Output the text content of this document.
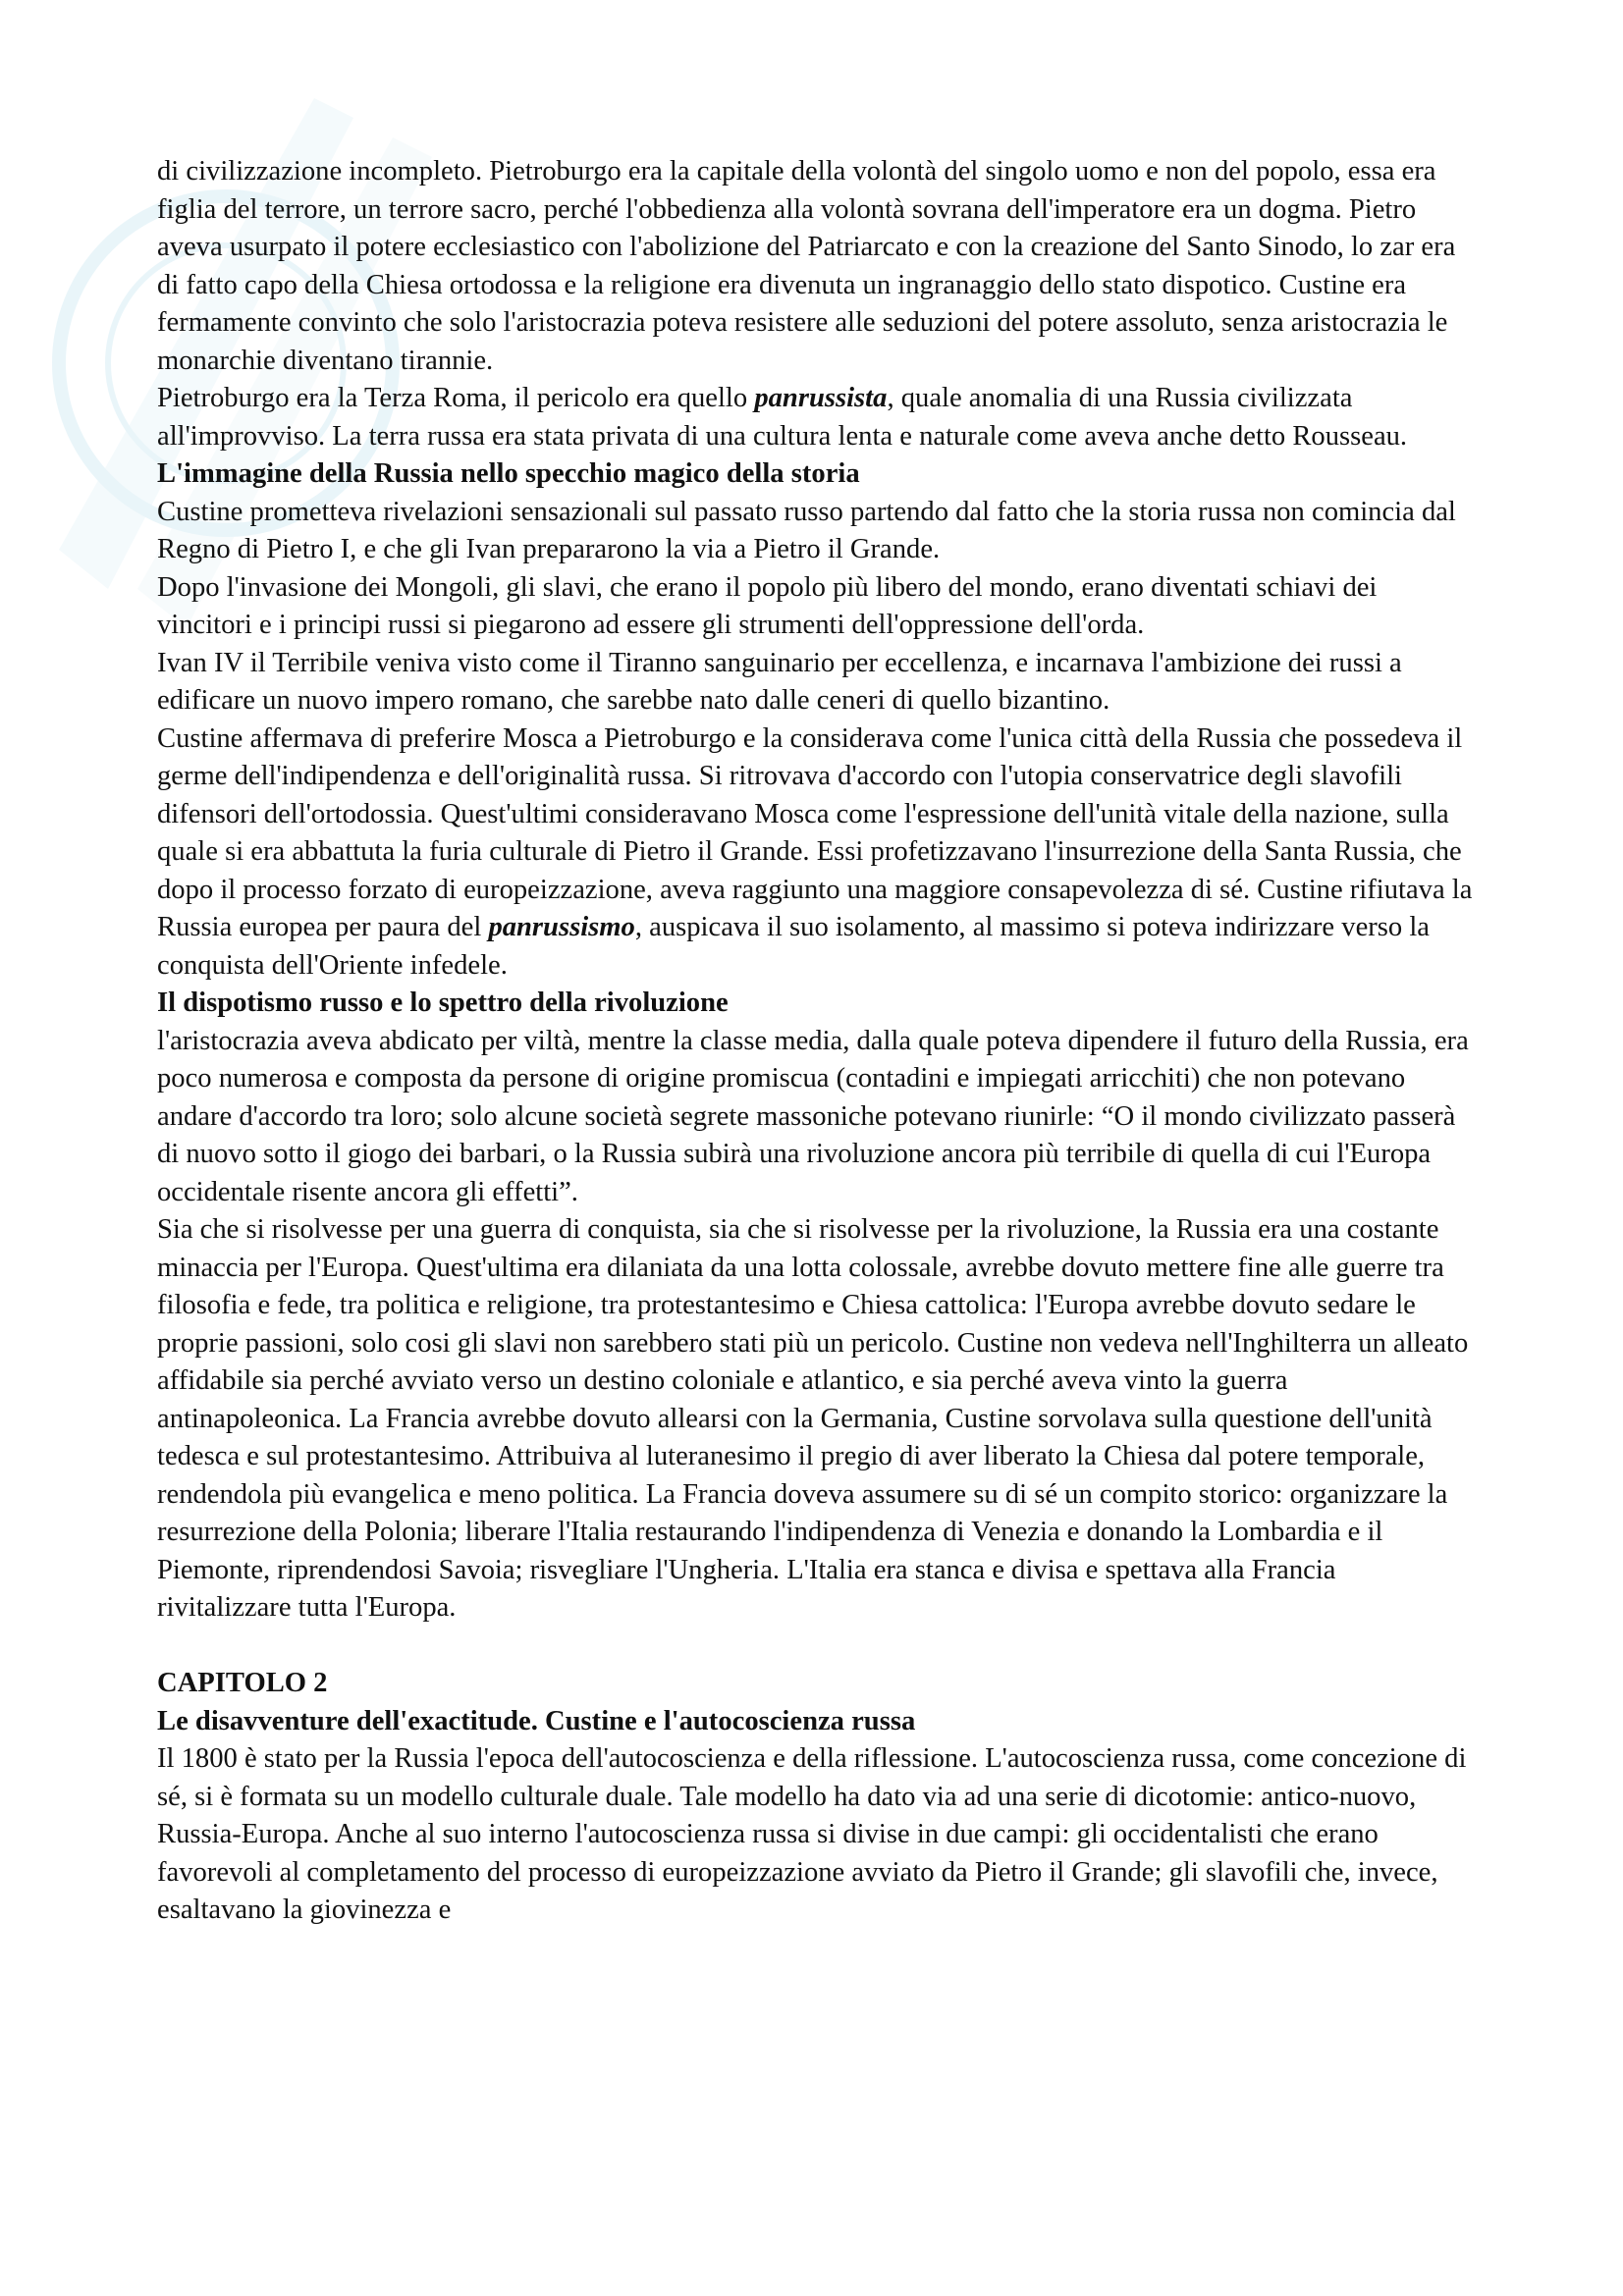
di civilizzazione incompleto. Pietroburgo era la capitale della volontà del singolo uomo e non del popolo, essa era figlia del terrore, un terrore sacro, perché l'obbedienza alla volontà sovrana dell'imperatore era un dogma. Pietro aveva usurpato il potere ecclesiastico con l'abolizione del Patriarcato e con la creazione del Santo Sinodo, lo zar era di fatto capo della Chiesa ortodossa e la religione era divenuta un ingranaggio dello stato dispotico. Custine era fermamente convinto che solo l'aristocrazia poteva resistere alle seduzioni del potere assoluto, senza aristocrazia le monarchie diventano tirannie.

Pietroburgo era la Terza Roma, il pericolo era quello panrussista, quale anomalia di una Russia civilizzata all'improvviso. La terra russa era stata privata di una cultura lenta e naturale come aveva anche detto Rousseau.

L'immagine della Russia nello specchio magico della storia

Custine prometteva rivelazioni sensazionali sul passato russo partendo dal fatto che la storia russa non comincia dal Regno di Pietro I, e che gli Ivan prepararono la via a Pietro il Grande.

Dopo l'invasione dei Mongoli, gli slavi, che erano il popolo più libero del mondo, erano diventati schiavi dei vincitori e i principi russi si piegarono ad essere gli strumenti dell'oppressione dell'orda.

Ivan IV il Terribile veniva visto come il Tiranno sanguinario per eccellenza, e incarnava l'ambizione dei russi a edificare un nuovo impero romano, che sarebbe nato dalle ceneri di quello bizantino.

Custine affermava di preferire Mosca a Pietroburgo e la considerava come l'unica città della Russia che possedeva il germe dell'indipendenza e dell'originalità russa. Si ritrovava d'accordo con l'utopia conservatrice degli slavofili difensori dell'ortodossia. Quest'ultimi consideravano Mosca come l'espressione dell'unità vitale della nazione, sulla quale si era abbattuta la furia culturale di Pietro il Grande. Essi profetizzavano l'insurrezione della Santa Russia, che dopo il processo forzato di europeizzazione, aveva raggiunto una maggiore consapevolezza di sé. Custine rifiutava la Russia europea per paura del panrussismo, auspicava il suo isolamento, al massimo si poteva indirizzare verso la conquista dell'Oriente infedele.

Il dispotismo russo e lo spettro della rivoluzione

l'aristocrazia aveva abdicato per viltà, mentre la classe media, dalla quale poteva dipendere il futuro della Russia, era poco numerosa e composta da persone di origine promiscua (contadini e impiegati arricchiti) che non potevano andare d'accordo tra loro; solo alcune società segrete massoniche potevano riunirle: “O il mondo civilizzato passerà di nuovo sotto il giogo dei barbari, o la Russia subirà una rivoluzione ancora più terribile di quella di cui l'Europa occidentale risente ancora gli effetti”.

Sia che si risolvesse per una guerra di conquista, sia che si risolvesse per la rivoluzione, la Russia era una costante minaccia per l'Europa. Quest'ultima era dilaniata da una lotta colossale, avrebbe dovuto mettere fine alle guerre tra filosofia e fede, tra politica e religione, tra protestantesimo e Chiesa cattolica: l'Europa avrebbe dovuto sedare le proprie passioni, solo cosi gli slavi non sarebbero stati più un pericolo. Custine non vedeva nell'Inghilterra un alleato affidabile sia perché avviato verso un destino coloniale e atlantico, e sia perché aveva vinto la guerra antinapoleonica. La Francia avrebbe dovuto allearsi con la Germania, Custine sorvolava sulla questione dell'unità tedesca e sul protestantesimo. Attribuiva al luteranesimo il pregio di aver liberato la Chiesa dal potere temporale, rendendola più evangelica e meno politica. La Francia doveva assumere su di sé un compito storico: organizzare la resurrezione della Polonia; liberare l'Italia restaurando l'indipendenza di Venezia e donando la Lombardia e il Piemonte, riprendendosi Savoia; risvegliare l'Ungheria. L'Italia era stanca e divisa e spettava alla Francia rivitalizzare tutta l'Europa.

CAPITOLO 2
Le disavventure dell'exactitude. Custine e l'autocoscienza russa

Il 1800 è stato per la Russia l'epoca dell'autocoscienza e della riflessione. L'autocoscienza russa, come concezione di sé, si è formata su un modello culturale duale. Tale modello ha dato via ad una serie di dicotomie: antico-nuovo, Russia-Europa. Anche al suo interno l'autocoscienza russa si divise in due campi: gli occidentalisti che erano favorevoli al completamento del processo di europeizzazione avviato da Pietro il Grande; gli slavofili che, invece, esaltavano la giovinezza e
